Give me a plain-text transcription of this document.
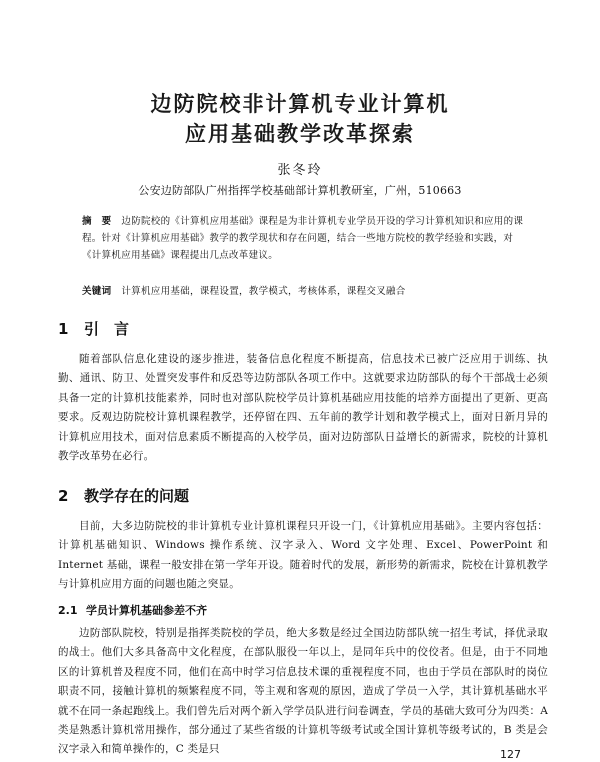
边防院校非计算机专业计算机
应用基础教学改革探索
张冬玲
公安边防部队广州指挥学校基础部计算机教研室，广州，510663
摘　要 边防院校的《计算机应用基础》课程是为非计算机专业学员开设的学习计算机知识和应用的课程。针对《计算机应用基础》教学的教学现状和存在问题，结合一些地方院校的教学经验和实践，对《计算机应用基础》课程提出几点改革建议。
关键词 计算机应用基础，课程设置，教学模式，考核体系，课程交叉融合
1 引　言
随着部队信息化建设的逐步推进，装备信息化程度不断提高，信息技术已被广泛应用于训练、执勤、通讯、防卫、处置突发事件和反恐等边防部队各项工作中。这就要求边防部队的每个干部战士必须具备一定的计算机技能素养，同时也对部队院校学员计算机基础应用技能的培养方面提出了更新、更高要求。反观边防院校计算机课程教学，还停留在四、五年前的教学计划和教学模式上，面对日新月异的计算机应用技术，面对信息素质不断提高的入校学员，面对边防部队日益增长的新需求，院校的计算机教学改革势在必行。
2 教学存在的问题
目前，大多边防院校的非计算机专业计算机课程只开设一门，《计算机应用基础》。主要内容包括：计算机基础知识、Windows 操作系统、汉字录入、Word 文字处理、Excel、PowerPoint 和 Internet 基础，课程一般安排在第一学年开设。随着时代的发展，新形势的新需求，院校在计算机教学与计算机应用方面的问题也随之突显。
2.1 学员计算机基础参差不齐
边防部队院校，特别是指挥类院校的学员，绝大多数是经过全国边防部队统一招生考试，择优录取的战士。他们大多具备高中文化程度，在部队服役一年以上，是同年兵中的佼佼者。但是，由于不同地区的计算机普及程度不同，他们在高中时学习信息技术课的重视程度不同，也由于学员在部队时的岗位职责不同，接触计算机的频繁程度不同，等主观和客观的原因，造成了学员一入学，其计算机基础水平就不在同一条起跑线上。我们曾先后对两个新入学学员队进行问卷调查，学员的基础大致可分为四类：A 类是熟悉计算机常用操作，部分通过了某些省级的计算机等级考试或全国计算机等级考试的，B 类是会汉字录入和简单操作的，C 类是只	127
